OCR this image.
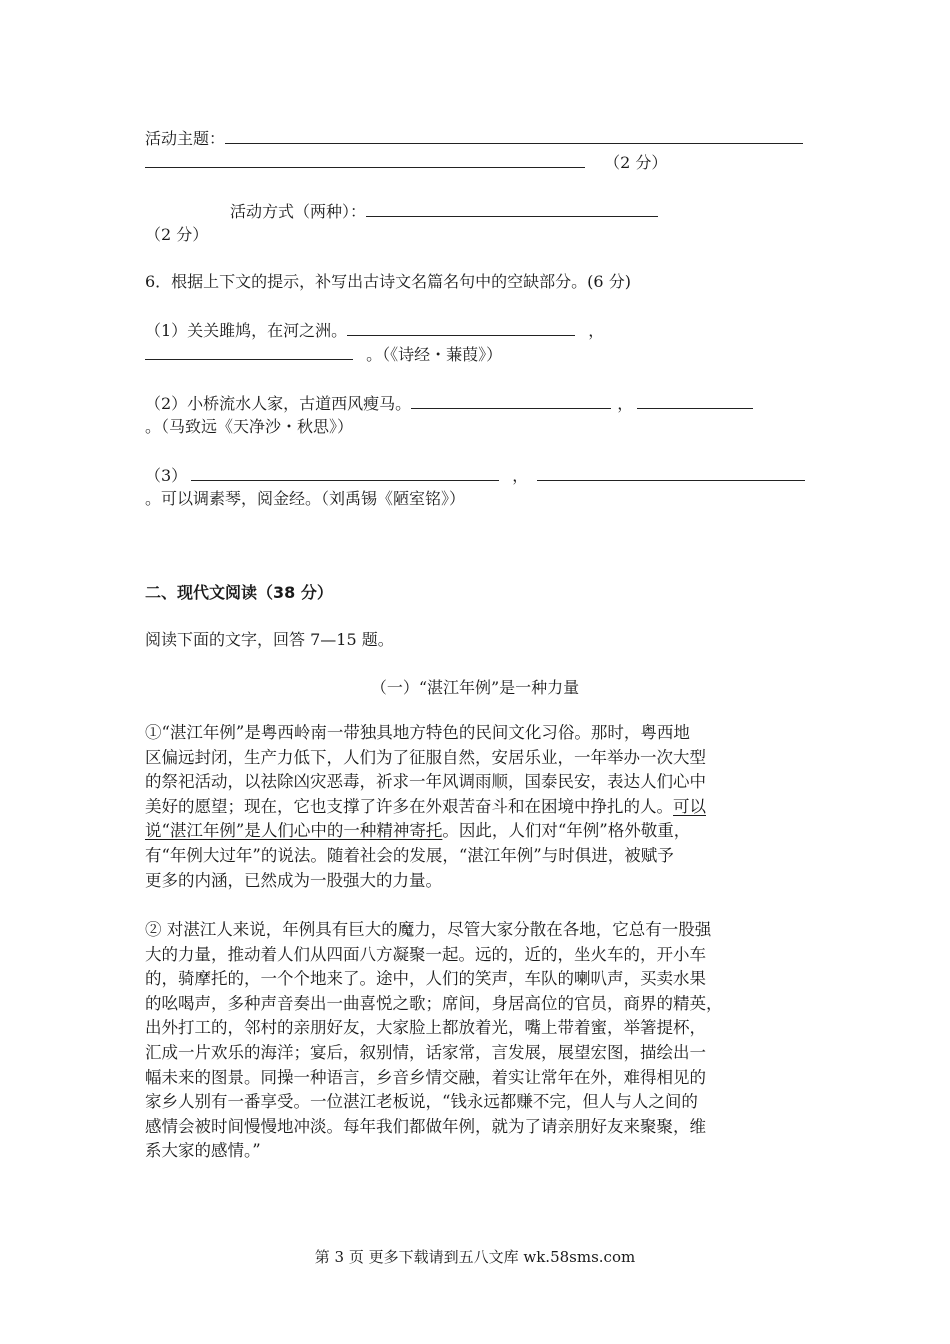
活动主题：
（2 分）
活动方式（两种）：
（2 分）
6．根据上下文的提示，补写出古诗文名篇名句中的空缺部分。(6 分)
（1）关关雎鸠，在河之洲。	，
。（《诗经・蒹葭》）
（2）小桥流水人家，古道西风瘦马。	，
。（马致远《天净沙・秋思》）
（3）	，
。可以调素琴，阅金经。（刘禹锡《陋室铭》）
二、现代文阅读（38 分）
阅读下面的文字，回答 7—15 题。
（一）“湛江年例”是一种力量

①“湛江年例”是粤西岭南一带独具地方特色的民间文化习俗。那时，粤西地

区偏远封闭，生产力低下，人们为了征服自然，安居乐业，一年举办一次大型

的祭祀活动，以祛除凶灾恶毒，祈求一年风调雨顺，国泰民安，表达人们心中

美好的愿望；现在，它也支撑了许多在外艰苦奋斗和在困境中挣扎的人。可以

说“湛江年例”是人们心中的一种精神寄托。因此，人们对“年例”格外敬重，

有“年例大过年”的说法。随着社会的发展，“湛江年例”与时俱进，被赋予

更多的内涵，已然成为一股强大的力量。

② 对湛江人来说，年例具有巨大的魔力，尽管大家分散在各地，它总有一股强

大的力量，推动着人们从四面八方凝聚一起。远的，近的，坐火车的，开小车

的，骑摩托的，一个个地来了。途中，人们的笑声，车队的喇叭声，买卖水果

的吆喝声，多种声音奏出一曲喜悦之歌；席间，身居高位的官员，商界的精英，

出外打工的，邻村的亲朋好友，大家脸上都放着光，嘴上带着蜜，举箸提杯，

汇成一片欢乐的海洋；宴后，叙别情，话家常，言发展，展望宏图，描绘出一

幅未来的图景。同操一种语言，乡音乡情交融，着实让常年在外，难得相见的

家乡人别有一番享受。一位湛江老板说，“钱永远都赚不完，但人与人之间的

感情会被时间慢慢地冲淡。每年我们都做年例，就为了请亲朋好友来聚聚，维

系大家的感情。”

第 3 页 更多下载请到五八文库 wk.58sms.com
